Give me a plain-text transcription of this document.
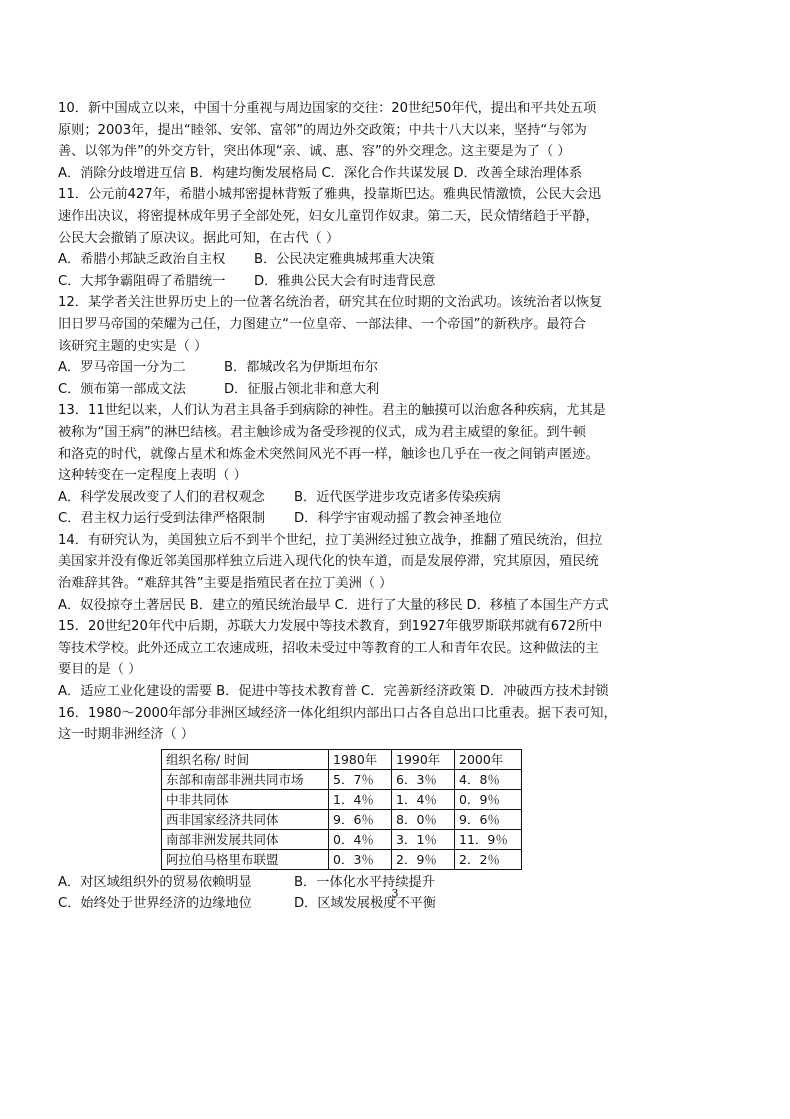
10．新中国成立以来，中国十分重视与周边国家的交往：20世纪50年代，提出和平共处五项
原则；2003年，提出“睦邻、安邻、富邻”的周边外交政策；中共十八大以来，坚持“与邻为
善、以邻为伴”的外交方针，突出体现“亲、诚、惠、容”的外交理念。这主要是为了（ ）
A．消除分歧增进互信 B．构建均衡发展格局 C．深化合作共谋发展 D．改善全球治理体系
11．公元前427年，希腊小城邦密提林背叛了雅典，投靠斯巴达。雅典民情激愤，公民大会迅
速作出决议，将密提林成年男子全部处死，妇女儿童罚作奴隶。第二天，民众情绪趋于平静，
公民大会撤销了原决议。据此可知，在古代（ ）
A．希腊小邦缺乏政治自主权	B．公民决定雅典城邦重大决策
C．大邦争霸阻碍了希腊统一	D．雅典公民大会有时违背民意
12．某学者关注世界历史上的一位著名统治者，研究其在位时期的文治武功。该统治者以恢复
旧日罗马帝国的荣耀为己任，力图建立“一位皇帝、一部法律、一个帝国”的新秩序。最符合
该研究主题的史实是（ ）
A．罗马帝国一分为二	B．都城改名为伊斯坦布尔
C．颁布第一部成文法	D．征服占领北非和意大利
13．11世纪以来，人们认为君主具备手到病除的神性。君主的触摸可以治愈各种疾病，尤其是
被称为“国王病”的淋巴结核。君主触诊成为备受珍视的仪式，成为君主威望的象征。到牛顿
和洛克的时代，就像占星术和炼金术突然间风光不再一样，触诊也几乎在一夜之间销声匿迹。
这种转变在一定程度上表明（ ）
A．科学发展改变了人们的君权观念	B．近代医学进步攻克诸多传染疾病
C．君主权力运行受到法律严格限制	D．科学宇宙观动摇了教会神圣地位
14．有研究认为，美国独立后不到半个世纪，拉丁美洲经过独立战争，推翻了殖民统治，但拉
美国家并没有像近邻美国那样独立后进入现代化的快车道，而是发展停滞，究其原因，殖民统
治难辞其咎。“难辞其咎”主要是指殖民者在拉丁美洲（ ）
A．奴役掠夺土著居民 B．建立的殖民统治最早 C．进行了大量的移民 D．移植了本国生产方式
15．20世纪20年代中后期，苏联大力发展中等技术教育，到1927年俄罗斯联邦就有672所中
等技术学校。此外还成立工农速成班，招收未受过中等教育的工人和青年农民。这种做法的主
要目的是（ ）
A．适应工业化建设的需要 B．促进中等技术教育普 C．完善新经济政策 D．冲破西方技术封锁
16．1980～2000年部分非洲区域经济一体化组织内部出口占各自总出口比重表。据下表可知，
这一时期非洲经济（ ）
组织名称/ 时间	1980年	1990年	2000年
东部和南部非洲共同市场	5．7％	6．3％	4．8％
中非共同体	1．4％	1．4％	0．9％
西非国家经济共同体	9．6％	8．0％	9．6％
南部非洲发展共同体	0．4％	3．1％	11．9％
阿拉伯马格里布联盟	0．3％	2．9％	2．2％
A．对区域组织外的贸易依赖明显	B．一体化水平持续提升
C．始终处于世界经济的边缘地位	D．区域发展极度不平衡
3
